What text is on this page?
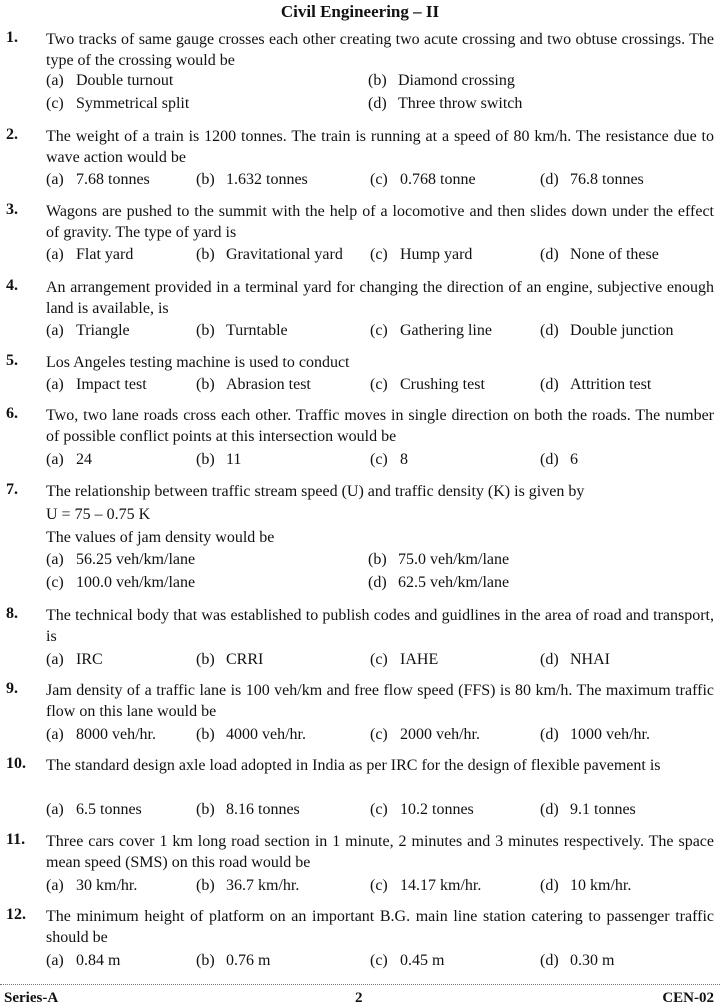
Civil Engineering – II
1. Two tracks of same gauge crosses each other creating two acute crossing and two obtuse crossings. The type of the crossing would be
(a) Double turnout	(b) Diamond crossing
(c) Symmetrical split	(d) Three throw switch
2. The weight of a train is 1200 tonnes. The train is running at a speed of 80 km/h. The resistance due to wave action would be
(a) 7.68 tonnes	(b) 1.632 tonnes	(c) 0.768 tonne	(d) 76.8 tonnes
3. Wagons are pushed to the summit with the help of a locomotive and then slides down under the effect of gravity. The type of yard is
(a) Flat yard	(b) Gravitational yard (c) Hump yard	(d) None of these
4. An arrangement provided in a terminal yard for changing the direction of an engine, subjective enough land is available, is
(a) Triangle	(b) Turntable	(c) Gathering line	(d) Double junction
5. Los Angeles testing machine is used to conduct
(a) Impact test	(b) Abrasion test	(c) Crushing test	(d) Attrition test
6. Two, two lane roads cross each other. Traffic moves in single direction on both the roads. The number of possible conflict points at this intersection would be
(a) 24	(b) 11	(c) 8	(d) 6
7. The relationship between traffic stream speed (U) and traffic density (K) is given by
U = 75 – 0.75 K
The values of jam density would be
(a) 56.25 veh/km/lane	(b) 75.0 veh/km/lane
(c) 100.0 veh/km/lane	(d) 62.5 veh/km/lane
8. The technical body that was established to publish codes and guidlines in the area of road and transport, is
(a) IRC	(b) CRRI	(c) IAHE	(d) NHAI
9. Jam density of a traffic lane is 100 veh/km and free flow speed (FFS) is 80 km/h. The maximum traffic flow on this lane would be
(a) 8000 veh/hr.	(b) 4000 veh/hr.	(c) 2000 veh/hr.	(d) 1000 veh/hr.
10. The standard design axle load adopted in India as per IRC for the design of flexible pavement is
(a) 6.5 tonnes	(b) 8.16 tonnes	(c) 10.2 tonnes	(d) 9.1 tonnes
11. Three cars cover 1 km long road section in 1 minute, 2 minutes and 3 minutes respectively. The space mean speed (SMS) on this road would be
(a) 30 km/hr.	(b) 36.7 km/hr.	(c) 14.17 km/hr.	(d) 10 km/hr.
12. The minimum height of platform on an important B.G. main line station catering to passenger traffic should be
(a) 0.84 m	(b) 0.76 m	(c) 0.45 m	(d) 0.30 m
Series-A	2	CEN-02
